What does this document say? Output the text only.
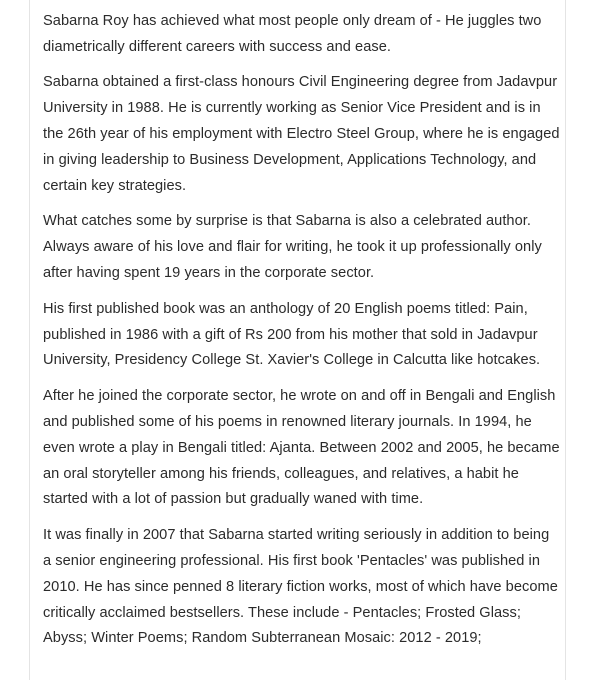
Sabarna Roy has achieved what most people only dream of - He juggles two diametrically different careers with success and ease.

Sabarna obtained a first-class honours Civil Engineering degree from Jadavpur University in 1988. He is currently working as Senior Vice President and is in the 26th year of his employment with Electro Steel Group, where he is engaged in giving leadership to Business Development, Applications Technology, and certain key strategies.

What catches some by surprise is that Sabarna is also a celebrated author. Always aware of his love and flair for writing, he took it up professionally only after having spent 19 years in the corporate sector.

His first published book was an anthology of 20 English poems titled: Pain, published in 1986 with a gift of Rs 200 from his mother that sold in Jadavpur University, Presidency College St. Xavier's College in Calcutta like hotcakes.

After he joined the corporate sector, he wrote on and off in Bengali and English and published some of his poems in renowned literary journals. In 1994, he even wrote a play in Bengali titled: Ajanta. Between 2002 and 2005, he became an oral storyteller among his friends, colleagues, and relatives, a habit he started with a lot of passion but gradually waned with time.

It was finally in 2007 that Sabarna started writing seriously in addition to being a senior engineering professional. His first book 'Pentacles' was published in 2010. He has since penned 8 literary fiction works, most of which have become critically acclaimed bestsellers. These include - Pentacles; Frosted Glass; Abyss; Winter Poems; Random Subterranean Mosaic: 2012 - 2019;
